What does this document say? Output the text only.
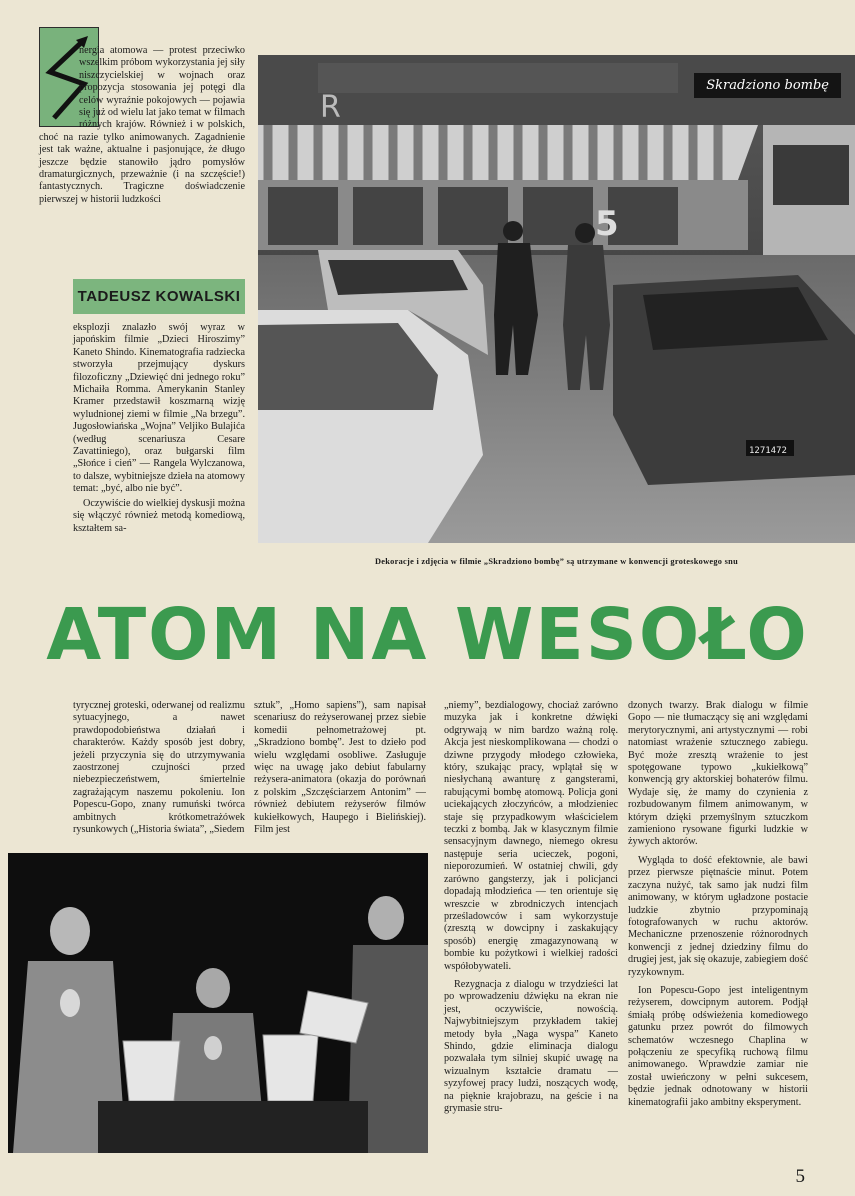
nergia atomowa — protest przeciwko wszelkim próbom wykorzystania jej siły niszczycielskiej w wojnach oraz propozycja stosowania jej potęgi dla celów wyraźnie pokojowych — pojawia się już od wielu lat jako temat w filmach różnych krajów. Również i w polskich, choć na razie tylko animowanych. Zagadnienie jest tak ważne, aktualne i pasjonujące, że długo jeszcze będzie stanowiło jądro pomysłów dramaturgicznych, przeważnie (i na szczęście!) fantastycznych. Tragiczne doświadczenie pierwszej w historii ludzkości

TADEUSZ KOWALSKI

eksplozji znalazło swój wyraz w japońskim filmie „Dzieci Hiroszimy” Kaneto Shindo. Kinematografia radziecka stworzyła przejmujący dyskurs filozoficzny „Dziewięć dni jednego roku” Michaiła Romma. Amerykanin Stanley Kramer przedstawił koszmarną wizję wyludnionej ziemi w filmie „Na brzegu”. Jugosłowiańska „Wojna” Veljiko Bulajića (według scenariusza Cesare Zavattiniego), oraz bułgarski film „Słońce i cień” — Rangela Wylczanowa, to dalsze, wybitniejsze dzieła na atomowy temat: „być, albo nie być”.

Oczywiście do wielkiej dyskusji można się włączyć również metodą komediową, kształtem sa-

R
5
1271472
Skradziono bombę
Dekoracje i zdjęcia w filmie „Skradziono bombę” są utrzymane w konwencji groteskowego snu
ATOM NA WESOŁO

tyrycznej groteski, oderwanej od realizmu sytuacyjnego, a nawet prawdopodobieństwa działań i charakterów. Każdy sposób jest dobry, jeżeli przyczynia się do utrzymywania zaostrzonej czujności przed niebezpieczeństwem, śmiertelnie zagrażającym naszemu pokoleniu. Ion Popescu-Gopo, znany rumuński twórca ambitnych krótkometrażówek rysunkowych („Historia świata”, „Siedem

sztuk”, „Homo sapiens”), sam napisał scenariusz do reżyserowanej przez siebie komedii pełnometrażowej pt. „Skradziono bombę”. Jest to dzieło pod wielu względami osobliwe. Zasługuje więc na uwagę jako debiut fabularny reżysera-animatora (okazja do porównań z polskim „Szczęściarzem Antonim” — również debiutem reżyserów filmów kukiełkowych, Haupego i Bielińskiej). Film jest

„niemy”, bezdialogowy, chociaż zarówno muzyka jak i konkretne dźwięki odgrywają w nim bardzo ważną rolę. Akcja jest nieskomplikowana — chodzi o dziwne przygody młodego człowieka, który, szukając pracy, wplątał się w niesłychaną awanturę z gangsterami, rabującymi bombę atomową. Policja goni uciekających złoczyńców, a młodzieniec staje się przypadkowym właścicielem teczki z bombą. Jak w klasycznym filmie sensacyjnym dawnego, niemego okresu następuje seria ucieczek, pogoni, nieporozumień. W ostatniej chwili, gdy zarówno gangsterzy, jak i policjanci dopadają młodzieńca — ten orientuje się wreszcie w zbrodniczych intencjach prześladowców i sam wykorzystuje (zresztą w dowcipny i zaskakujący sposób) energię zmagazynowaną w bombie ku pożytkowi i wielkiej radości współobywateli.

Rezygnacja z dialogu w trzydzieści lat po wprowadzeniu dźwięku na ekran nie jest, oczywiście, nowością. Najwybitniejszym przykładem takiej metody była „Naga wyspa” Kaneto Shindo, gdzie eliminacja dialogu pozwalała tym silniej skupić uwagę na wizualnym kształcie dramatu — syzyfowej pracy ludzi, noszących wodę, na pięknie krajobrazu, na geście i na grymasie stru-

dzonych twarzy. Brak dialogu w filmie Gopo — nie tłumaczący się ani względami merytorycznymi, ani artystycznymi — robi natomiast wrażenie sztucznego zabiegu. Być może zresztą wrażenie to jest spotęgowane typowo „kukiełkową” konwencją gry aktorskiej bohaterów filmu. Wydaje się, że mamy do czynienia z rozbudowanym filmem animowanym, w którym dzięki przemyślnym sztuczkom zamieniono rysowane figurki ludzkie w żywych aktorów.

Wygląda to dość efektownie, ale bawi przez pierwsze piętnaście minut. Potem zaczyna nużyć, tak samo jak nudzi film animowany, w którym ugładzone postacie ludzkie zbytnio przypominają fotografowanych w ruchu aktorów. Mechaniczne przenoszenie różnorodnych konwencji z jednej dziedziny filmu do drugiej jest, jak się okazuje, zabiegiem dość ryzykownym.

Ion Popescu-Gopo jest inteligentnym reżyserem, dowcipnym autorem. Podjął śmiałą próbę odświeżenia komediowego gatunku przez powrót do filmowych schematów wczesnego Chaplina w połączeniu ze specyfiką ruchową filmu animowanego. Wprawdzie zamiar nie został uwieńczony w pełni sukcesem, będzie jednak odnotowany w historii kinematografii jako ambitny eksperyment.

5
